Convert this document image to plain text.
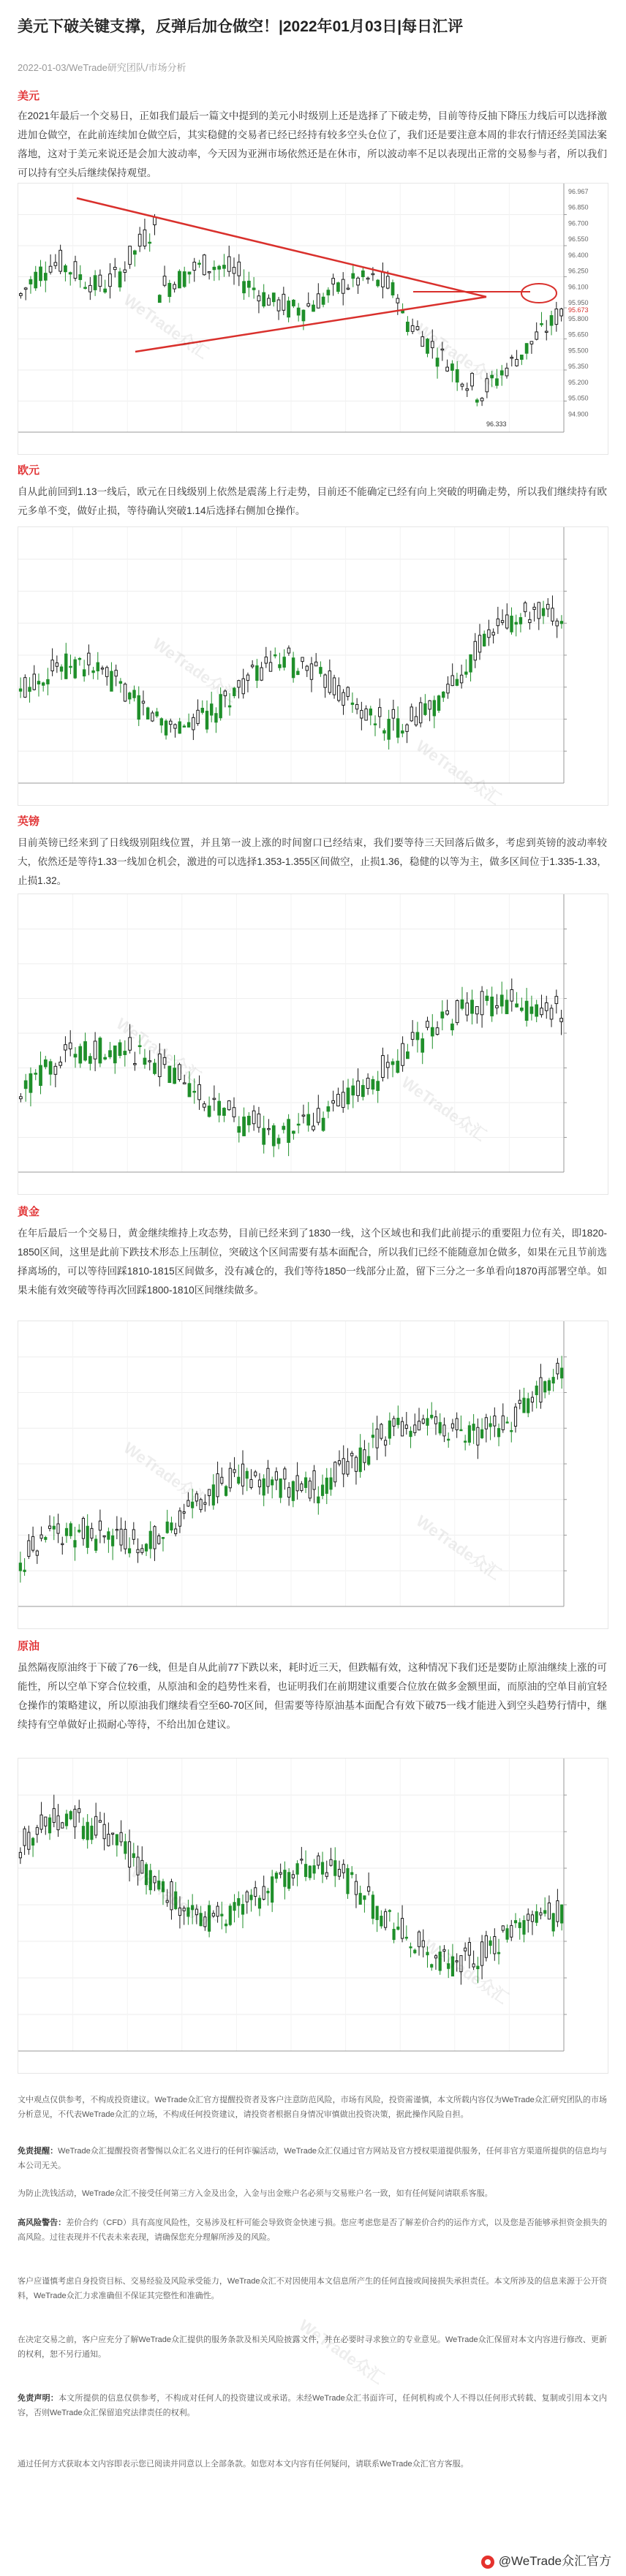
美元下破关键支撑，反弹后加仓做空！|2022年01月03日|每日汇评
2022-01-03/WeTrade研究团队/市场分析
美元
在2021年最后一个交易日，正如我们最后一篇文中提到的美元小时级别上还是选择了下破走势，目前等待反抽下降压力线后可以选择激进加仓做空，在此前连续加仓做空后，其实稳健的交易者已经已经持有较多空头仓位了，我们还是要注意本周的非农行情还经美国法案落地，这对于美元来说还是会加大波动率，今天因为亚洲市场依然还是在休市，所以波动率不足以表现出正常的交易参与者，所以我们可以持有空头后继续保持观望。
96.967
96.850
96.700
96.550
96.400
96.250
96.100
95.950
95.800
95.650
95.500
95.350
95.200
95.050
94.900
96.333
95.673
欧元
自从此前回到1.13一线后，欧元在日线级别上依然是震荡上行走势，目前还不能确定已经有向上突破的明确走势，所以我们继续持有欧元多单不变，做好止损，等待确认突破1.14后选择右侧加仓操作。
英镑
目前英镑已经来到了日线级别阻线位置，并且第一波上涨的时间窗口已经结束，我们要等待三天回落后做多，考虑到英镑的波动率较大，依然还是等待1.33一线加仓机会，激进的可以选择1.353-1.355区间做空，止损1.36，稳健的以等为主，做多区间位于1.335-1.33，止损1.32。
黄金
在年后最后一个交易日，黄金继续维持上攻态势，目前已经来到了1830一线，这个区域也和我们此前提示的重要阻力位有关，即1820-1850区间，这里是此前下跌技术形态上压制位，突破这个区间需要有基本面配合，所以我们已经不能随意加仓做多，如果在元且节前选择离场的，可以等待回踩1810-1815区间做多，没有减仓的，我们等待1850一线部分止盈，留下三分之一多单看向1870再部署空单。如果未能有效突破等待再次回踩1800-1810区间继续做多。
原油
虽然隔夜原油终于下破了76一线，但是自从此前77下跌以来，耗时近三天，但跌幅有效，这种情况下我们还是要防止原油继续上涨的可能性，所以空单下穿合位较重，从原油和金的趋势性来看，也证明我们在前期建议重要合位放在做多金额里面，而原油的空单目前宜轻仓操作的策略建议，所以原油我们继续看空至60-70区间，但需要等待原油基本面配合有效下破75一线才能进入到空头趋势行情中，继续持有空单做好止损耐心等待，不给出加仓建议。
文中观点仅供参考，不构成投资建议。WeTrade众汇官方提醒投资者及客户注意防范风险，市场有风险，投资需谨慎，本文所载内容仅为WeTrade众汇研究团队的市场分析意见，不代表WeTrade众汇的立场，不构成任何投资建议，请投资者根据自身情况审慎做出投资决策，据此操作风险自担。
免责提醒：WeTrade众汇提醒投资者警惕以众汇名义进行的任何诈骗活动，WeTrade众汇仅通过官方网站及官方授权渠道提供服务，任何非官方渠道所提供的信息均与本公司无关。
为防止洗钱活动，WeTrade众汇不接受任何第三方入金及出金，入金与出金账户名必须与交易账户名一致，如有任何疑问请联系客服。
高风险警告：差价合约（CFD）具有高度风险性，交易涉及杠杆可能会导致资金快速亏损。您应考虑您是否了解差价合约的运作方式，以及您是否能够承担资金损失的高风险。过往表现并不代表未来表现，请确保您充分理解所涉及的风险。
客户应谨慎考虑自身投资目标、交易经验及风险承受能力，WeTrade众汇不对因使用本文信息所产生的任何直接或间接损失承担责任。本文所涉及的信息来源于公开资料，WeTrade众汇力求准确但不保证其完整性和准确性。
在决定交易之前，客户应充分了解WeTrade众汇提供的服务条款及相关风险披露文件，并在必要时寻求独立的专业意见。WeTrade众汇保留对本文内容进行修改、更新的权利，恕不另行通知。
免责声明：本文所提供的信息仅供参考，不构成对任何人的投资建议或承诺。未经WeTrade众汇书面许可，任何机构或个人不得以任何形式转载、复制或引用本文内容，否则WeTrade众汇保留追究法律责任的权利。
通过任何方式获取本文内容即表示您已阅读并同意以上全部条款。如您对本文内容有任何疑问，请联系WeTrade众汇官方客服。
@WeTrade众汇官方
WeTrade众汇
